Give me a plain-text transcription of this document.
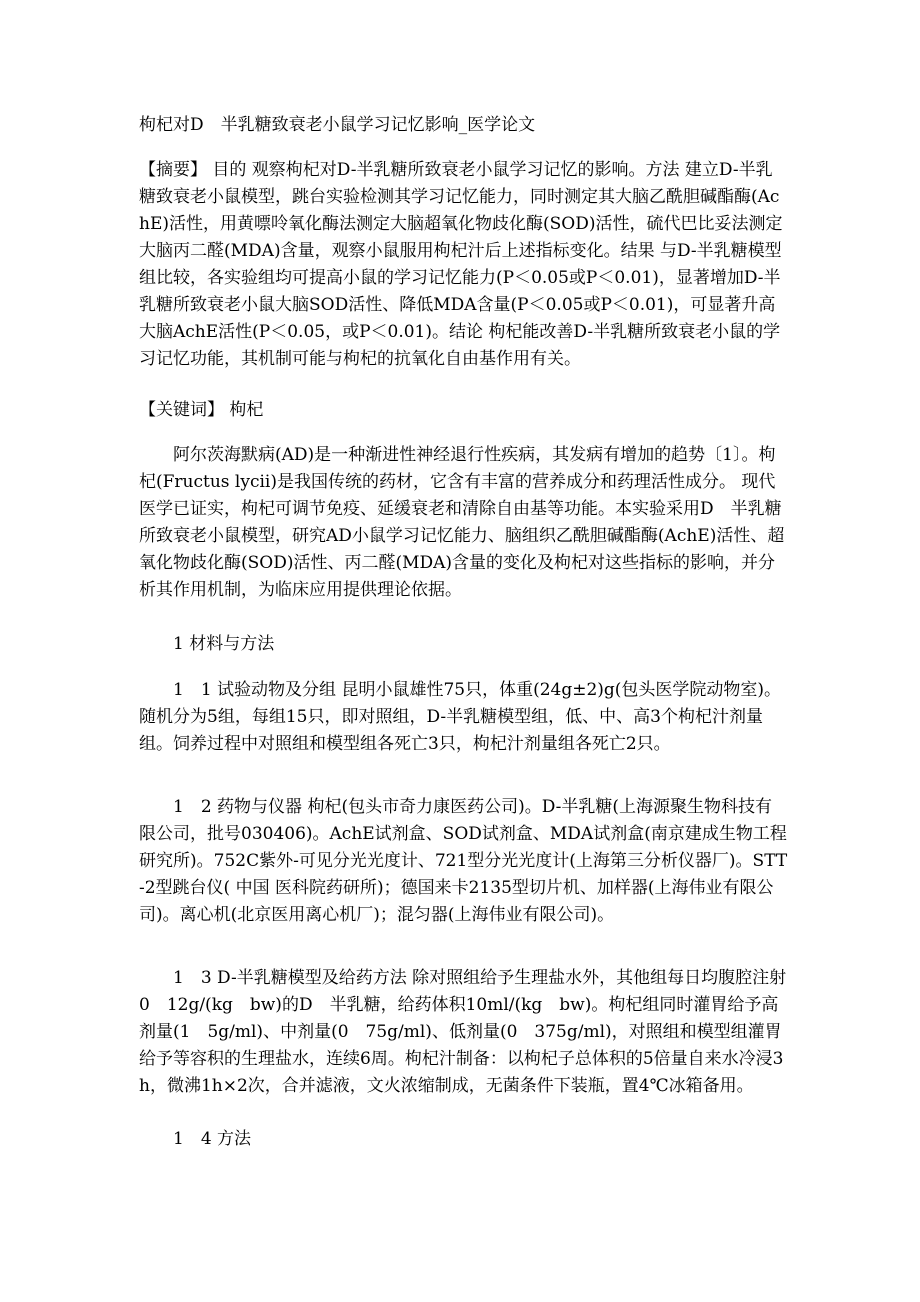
枸杞对D　半乳糖致衰老小鼠学习记忆影响_医学论文
【摘要】 目的 观察枸杞对D-半乳糖所致衰老小鼠学习记忆的影响。方法 建立D-半乳糖致衰老小鼠模型，跳台实验检测其学习记忆能力，同时测定其大脑乙酰胆碱酯酶(AchE)活性，用黄嘌呤氧化酶法测定大脑超氧化物歧化酶(SOD)活性，硫代巴比妥法测定大脑丙二醛(MDA)含量，观察小鼠服用枸杞汁后上述指标变化。结果 与D-半乳糖模型组比较，各实验组均可提高小鼠的学习记忆能力(P＜0.05或P＜0.01)，显著增加D-半乳糖所致衰老小鼠大脑SOD活性、降低MDA含量(P＜0.05或P＜0.01)，可显著升高大脑AchE活性(P＜0.05，或P＜0.01)。结论 枸杞能改善D-半乳糖所致衰老小鼠的学习记忆功能，其机制可能与枸杞的抗氧化自由基作用有关。
【关键词】 枸杞
阿尔茨海默病(AD)是一种渐进性神经退行性疾病，其发病有增加的趋势〔1〕。枸杞(Fructus lycii)是我国传统的药材，它含有丰富的营养成分和药理活性成分。 现代 医学已证实，枸杞可调节免疫、延缓衰老和清除自由基等功能。本实验采用D　半乳糖所致衰老小鼠模型，研究AD小鼠学习记忆能力、脑组织乙酰胆碱酯酶(AchE)活性、超氧化物歧化酶(SOD)活性、丙二醛(MDA)含量的变化及枸杞对这些指标的影响，并分析其作用机制，为临床应用提供理论依据。
1 材料与方法
1　1 试验动物及分组 昆明小鼠雄性75只，体重(24g±2)g(包头医学院动物室)。随机分为5组，每组15只，即对照组，D-半乳糖模型组，低、中、高3个枸杞汁剂量组。饲养过程中对照组和模型组各死亡3只，枸杞汁剂量组各死亡2只。
1　2 药物与仪器 枸杞(包头市奇力康医药公司)。D-半乳糖(上海源聚生物科技有限公司，批号030406)。AchE试剂盒、SOD试剂盒、MDA试剂盒(南京建成生物工程研究所)。752C紫外-可见分光光度计、721型分光光度计(上海第三分析仪器厂)。STT-2型跳台仪( 中国 医科院药研所)；德国来卡2135型切片机、加样器(上海伟业有限公司)。离心机(北京医用离心机厂)；混匀器(上海伟业有限公司)。
1　3 D-半乳糖模型及给药方法 除对照组给予生理盐水外，其他组每日均腹腔注射0　12g/(kg　bw)的D　半乳糖，给药体积10ml/(kg　bw)。枸杞组同时灌胃给予高剂量(1　5g/ml)、中剂量(0　75g/ml)、低剂量(0　375g/ml)，对照组和模型组灌胃给予等容积的生理盐水，连续6周。枸杞汁制备：以枸杞子总体积的5倍量自来水冷浸3h，微沸1h×2次，合并滤液，文火浓缩制成，无菌条件下装瓶，置4℃冰箱备用。
1　4 方法
